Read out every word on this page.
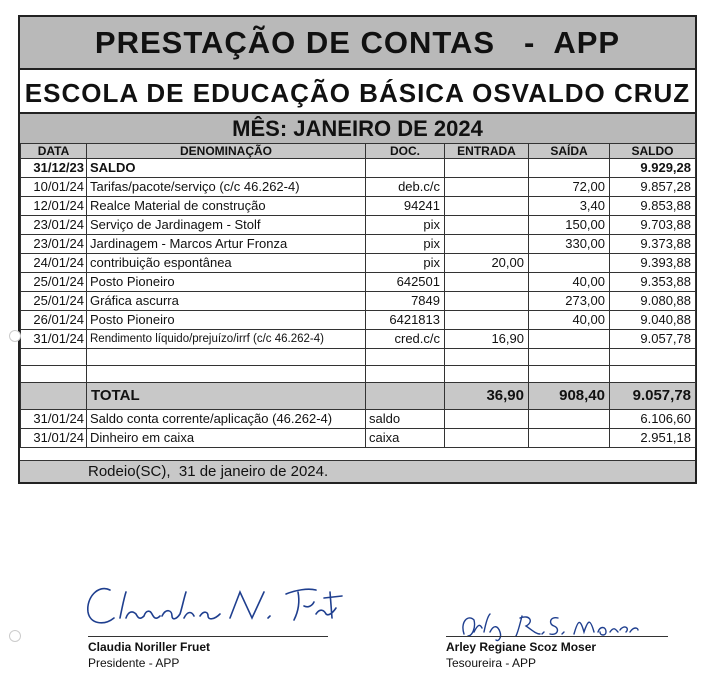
PRESTAÇÃO DE CONTAS   -  APP
ESCOLA DE EDUCAÇÃO BÁSICA OSVALDO CRUZ
MÊS: JANEIRO DE 2024
DATA	DENOMINAÇÃO	DOC.	ENTRADA	SAÍDA	SALDO
31/12/23	SALDO				9.929,28
10/01/24	Tarifas/pacote/serviço (c/c 46.262-4)	deb.c/c		72,00	9.857,28
12/01/24	Realce Material de construção	94241		3,40	9.853,88
23/01/24	Serviço de Jardinagem - Stolf	pix		150,00	9.703,88
23/01/24	Jardinagem - Marcos Artur Fronza	pix		330,00	9.373,88
24/01/24	contribuição espontânea	pix	20,00		9.393,88
25/01/24	Posto Pioneiro	642501		40,00	9.353,88
25/01/24	Gráfica ascurra	7849		273,00	9.080,88
26/01/24	Posto Pioneiro	6421813		40,00	9.040,88
31/01/24	Rendimento líquido/prejuízo/irrf (c/c 46.262-4)	cred.c/c	16,90		9.057,78

	TOTAL		36,90	908,40	9.057,78
31/01/24	Saldo conta corrente/aplicação (46.262-4)	saldo			6.106,60
31/01/24	Dinheiro em caixa	caixa			2.951,18
Rodeio(SC),  31 de janeiro de 2024.
Claudia Noriller Fruet
Presidente - APP
Arley Regiane Scoz Moser
Tesoureira - APP
